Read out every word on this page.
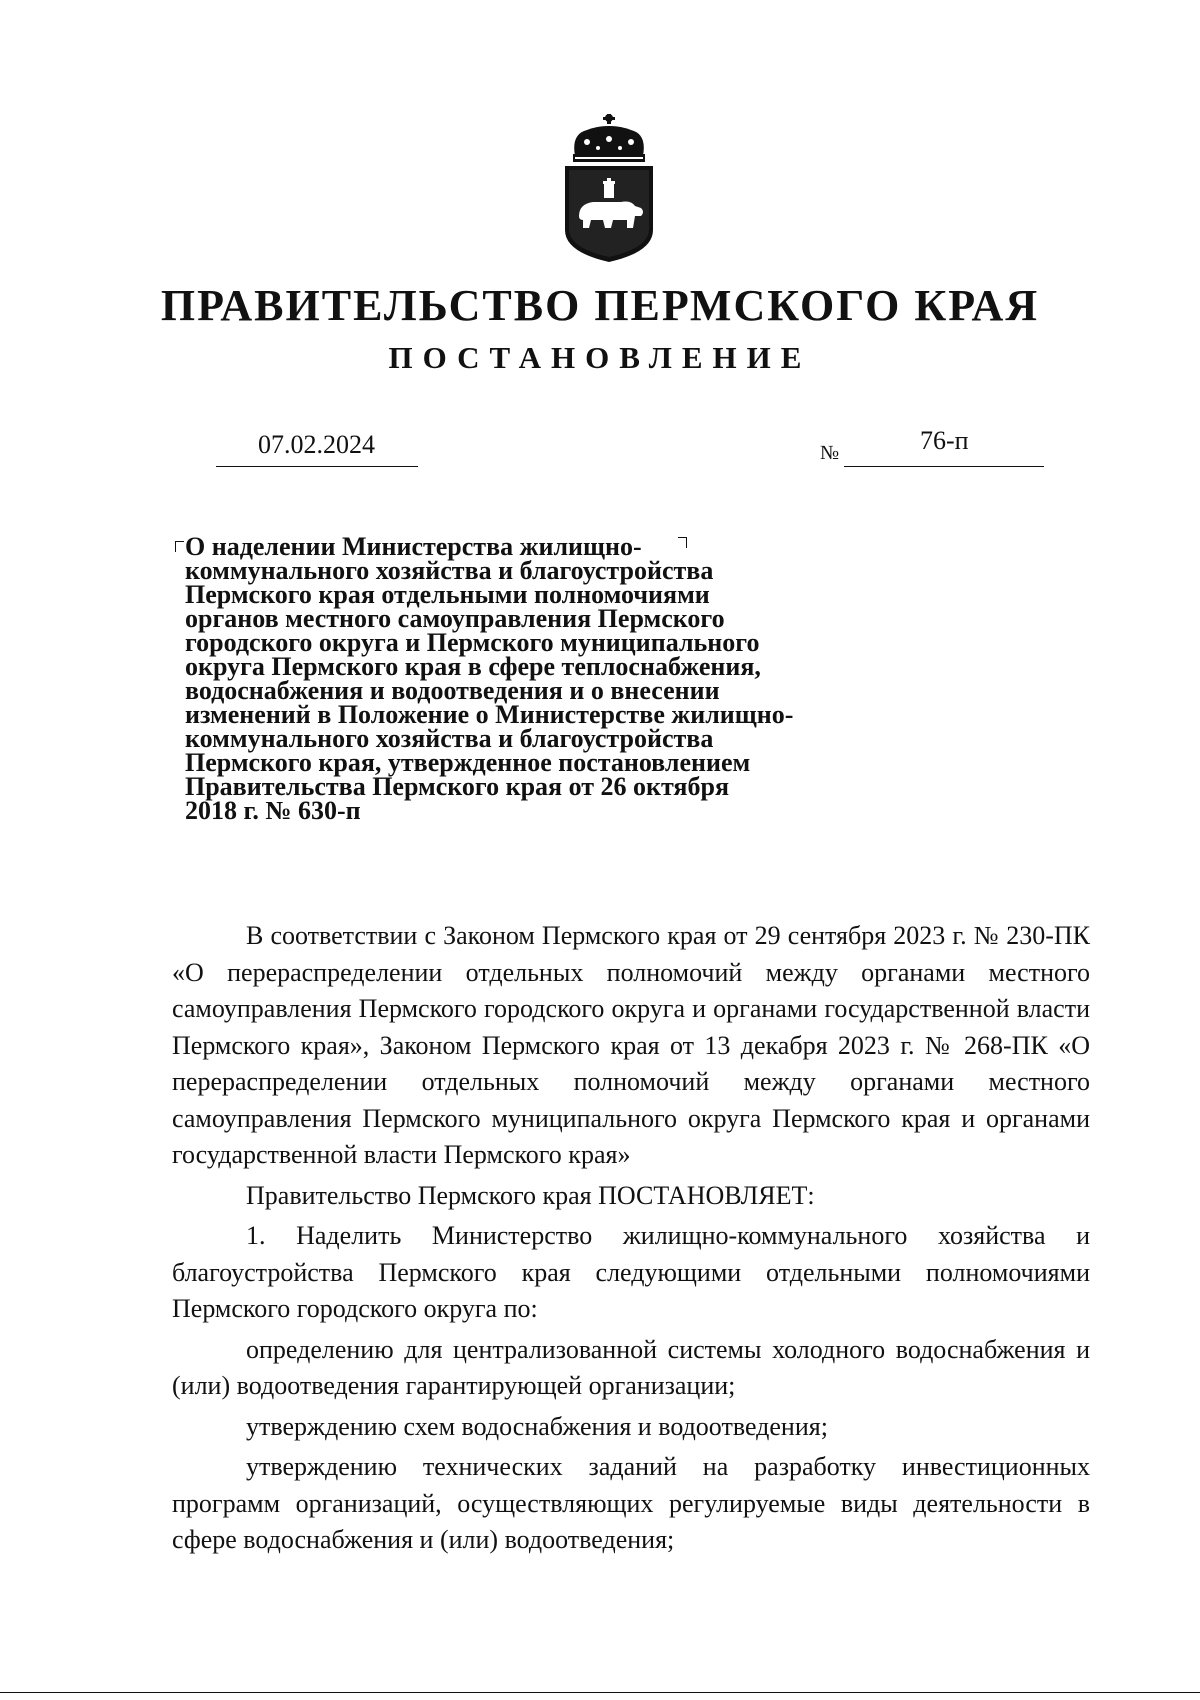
ПРАВИТЕЛЬСТВО ПЕРМСКОГО КРАЯ
ПОСТАНОВЛЕНИЕ
07.02.2024	№	76-п
О наделении Министерства жилищно-
коммунального хозяйства и благоустройства
Пермского края отдельными полномочиями
органов местного самоуправления Пермского
городского округа и Пермского муниципального
округа Пермского края в сфере теплоснабжения,
водоснабжения и водоотведения и о внесении
изменений в Положение о Министерстве жилищно-
коммунального хозяйства и благоустройства
Пермского края, утвержденное постановлением
Правительства Пермского края от 26 октября
2018 г. № 630-п

В соответствии с Законом Пермского края от 29 сентября 2023 г. № 230-ПК «О перераспределении отдельных полномочий между органами местного самоуправления Пермского городского округа и органами государственной власти Пермского края», Законом Пермского края от 13 декабря 2023 г. № 268-ПК «О перераспределении отдельных полномочий между органами местного самоуправления Пермского муниципального округа Пермского края и органами государственной власти Пермского края»

Правительство Пермского края ПОСТАНОВЛЯЕТ:

1. Наделить Министерство жилищно-коммунального хозяйства и благоустройства Пермского края следующими отдельными полномочиями Пермского городского округа по:

определению для централизованной системы холодного водоснабжения и (или) водоотведения гарантирующей организации;

утверждению схем водоснабжения и водоотведения;

утверждению технических заданий на разработку инвестиционных программ организаций, осуществляющих регулируемые виды деятельности в сфере водоснабжения и (или) водоотведения;
